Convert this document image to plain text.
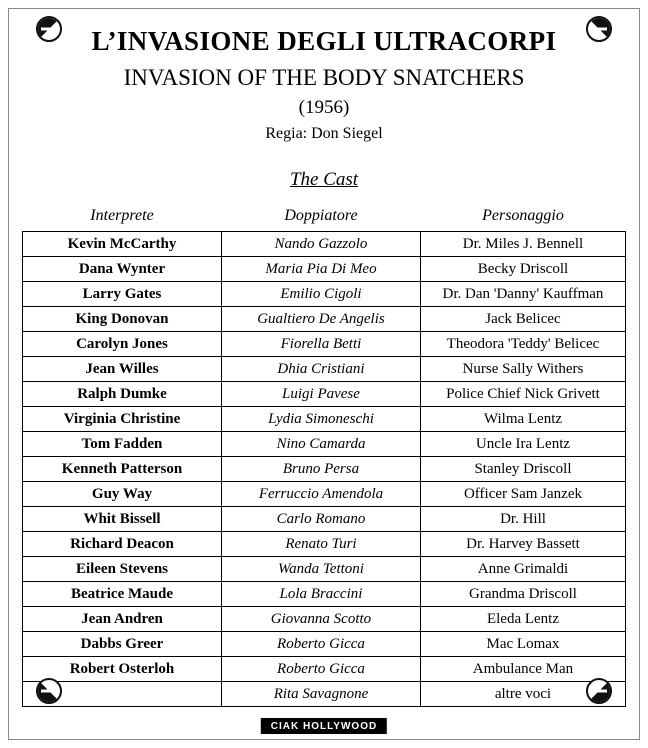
L’INVASIONE DEGLI ULTRACORPI
INVASION OF THE BODY SNATCHERS
(1956)
Regia: Don Siegel
The Cast
Interprete	Doppiatore	Personaggio
Kevin McCarthy	Nando Gazzolo	Dr. Miles J. Bennell
Dana Wynter	Maria Pia Di Meo	Becky Driscoll
Larry Gates	Emilio Cigoli	Dr. Dan 'Danny' Kauffman
King Donovan	Gualtiero De Angelis	Jack Belicec
Carolyn Jones	Fiorella Betti	Theodora 'Teddy' Belicec
Jean Willes	Dhia Cristiani	Nurse Sally Withers
Ralph Dumke	Luigi Pavese	Police Chief Nick Grivett
Virginia Christine	Lydia Simoneschi	Wilma Lentz
Tom Fadden	Nino Camarda	Uncle Ira Lentz
Kenneth Patterson	Bruno Persa	Stanley Driscoll
Guy Way	Ferruccio Amendola	Officer Sam Janzek
Whit Bissell	Carlo Romano	Dr. Hill
Richard Deacon	Renato Turi	Dr. Harvey Bassett
Eileen Stevens	Wanda Tettoni	Anne Grimaldi
Beatrice Maude	Lola Braccini	Grandma Driscoll
Jean Andren	Giovanna Scotto	Eleda Lentz
Dabbs Greer	Roberto Gicca	Mac Lomax
Robert Osterloh	Roberto Gicca	Ambulance Man
	Rita Savagnone	altre voci
CIAK HOLLYWOOD
